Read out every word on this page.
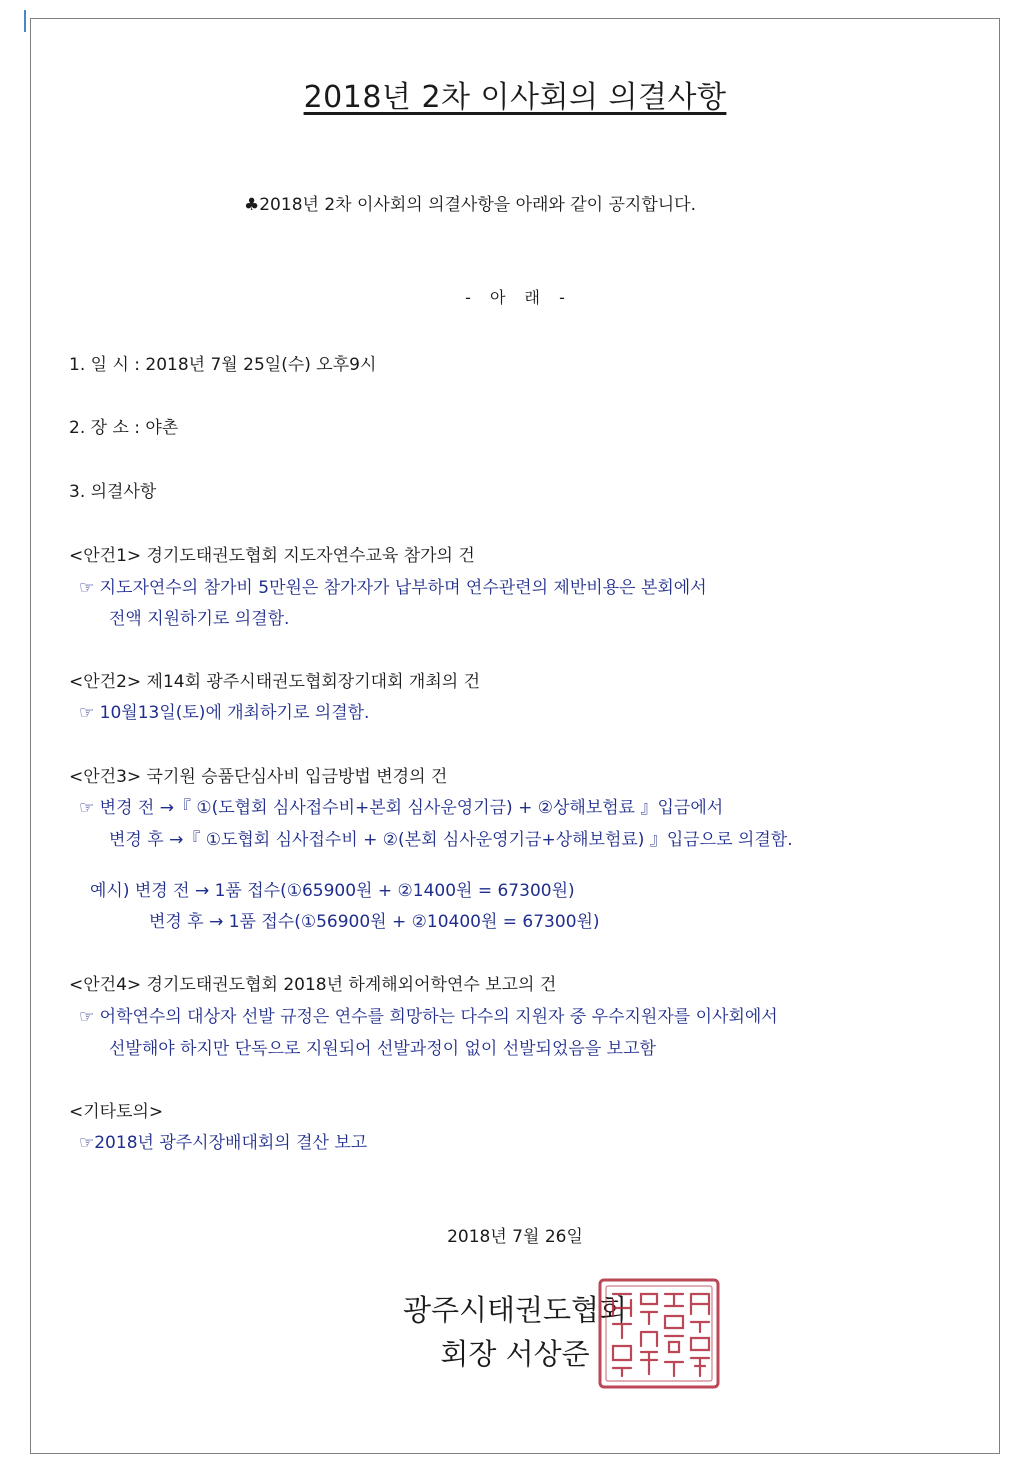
2018년 2차 이사회의 의결사항
♣2018년 2차 이사회의 의결사항을 아래와 같이 공지합니다.
- 아 래 -
1. 일 시 : 2018년 7월 25일(수) 오후9시
2. 장 소 : 야촌
3. 의결사항
<안건1> 경기도태권도협회 지도자연수교육 참가의 건
☞ 지도자연수의 참가비 5만원은 참가자가 납부하며 연수관련의 제반비용은 본회에서
전액 지원하기로 의결함.
<안건2> 제14회 광주시태권도협회장기대회 개최의 건
☞ 10월13일(토)에 개최하기로 의결함.
<안건3> 국기원 승품단심사비 입금방법 변경의 건
☞ 변경 전 →『 ①(도협회 심사접수비+본회 심사운영기금) + ②상해보험료 』입금에서
변경 후 →『 ①도협회 심사접수비 + ②(본회 심사운영기금+상해보험료) 』입금으로 의결함.
예시) 변경 전 → 1품 접수(①65900원 + ②1400원 = 67300원)
변경 후 → 1품 접수(①56900원 + ②10400원 = 67300원)
<안건4> 경기도태권도협회 2018년 하계해외어학연수 보고의 건
☞ 어학연수의 대상자 선발 규정은 연수를 희망하는 다수의 지원자 중 우수지원자를 이사회에서
선발해야 하지만 단독으로 지원되어 선발과정이 없이 선발되었음을 보고함
<기타토의>
☞2018년 광주시장배대회의 결산 보고
2018년 7월 26일
광주시태권도협회
회장 서상준
